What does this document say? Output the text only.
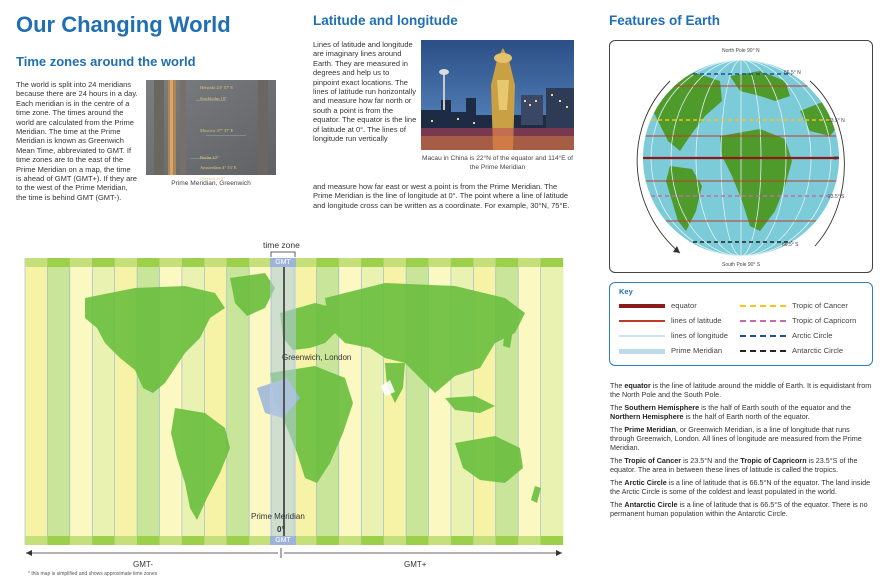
Our Changing World
Time zones around the world

The world is split into 24 meridians because there are 24 hours in a day. Each meridian is in the centre of a time zone. The times around the world are calculated from the Prime Meridian. The time at the Prime Meridian is known as Greenwich Mean Time, abbreviated to GMT. If time zones are to the east of the Prime Meridian on a map, the time is ahead of GMT (GMT+). If they are to the west of the Prime Meridian, the time is behind GMT (GMT-).

Helsinki 24° 57' E
Stockholm 18°
Moscow 37° 37' E
Berlin 13°
Amsterdam 4° 53' E
Greenwich 0°
Prime Meridian, Greenwich
Latitude and longitude

Lines of latitude and longitude are imaginary lines around Earth. They are measured in degrees and help us to pinpoint exact locations. The lines of latitude run horizontally and measure how far north or south a point is from the equator. The equator is the line of latitude at 0°. The lines of longitude run vertically

Macau in China is 22°N of the equator and 114°E of the Prime Meridian

and measure how far east or west a point is from the Prime Meridian. The Prime Meridian is the line of longitude at 0°. The point where a line of latitude and longitude cross can be written as a coordinate. For example, 30°N, 75°E.

time zone
GMT
GMT
Greenwich, London
Prime Meridian
0°
GMT-	GMT+
* this map is simplified and shows approximate time zones
Features of Earth
North Pole 90° N
South Pole 90° S
66.5° N
23.5° N
0°
23.5° S
66.5° S
Key
equator	Tropic of Cancer
lines of latitude	Tropic of Capricorn
lines of longitude	Arctic Circle
Prime Meridian	Antarctic Circle

The equator is the line of latitude around the middle of Earth. It is equidistant from the North Pole and the South Pole.

The Southern Hemisphere is the half of Earth south of the equator and the Northern Hemisphere is the half of Earth north of the equator.

The Prime Meridian, or Greenwich Meridian, is a line of longitude that runs through Greenwich, London. All lines of longitude are measured from the Prime Meridian.

The Tropic of Cancer is 23.5°N and the Tropic of Capricorn is 23.5°S of the equator. The area in between these lines of latitude is called the tropics.

The Arctic Circle is a line of latitude that is 66.5°N of the equator. The land inside the Arctic Circle is some of the coldest and least populated in the world.

The Antarctic Circle is a line of latitude that is 66.5°S of the equator. There is no permanent human population within the Antarctic Circle.
